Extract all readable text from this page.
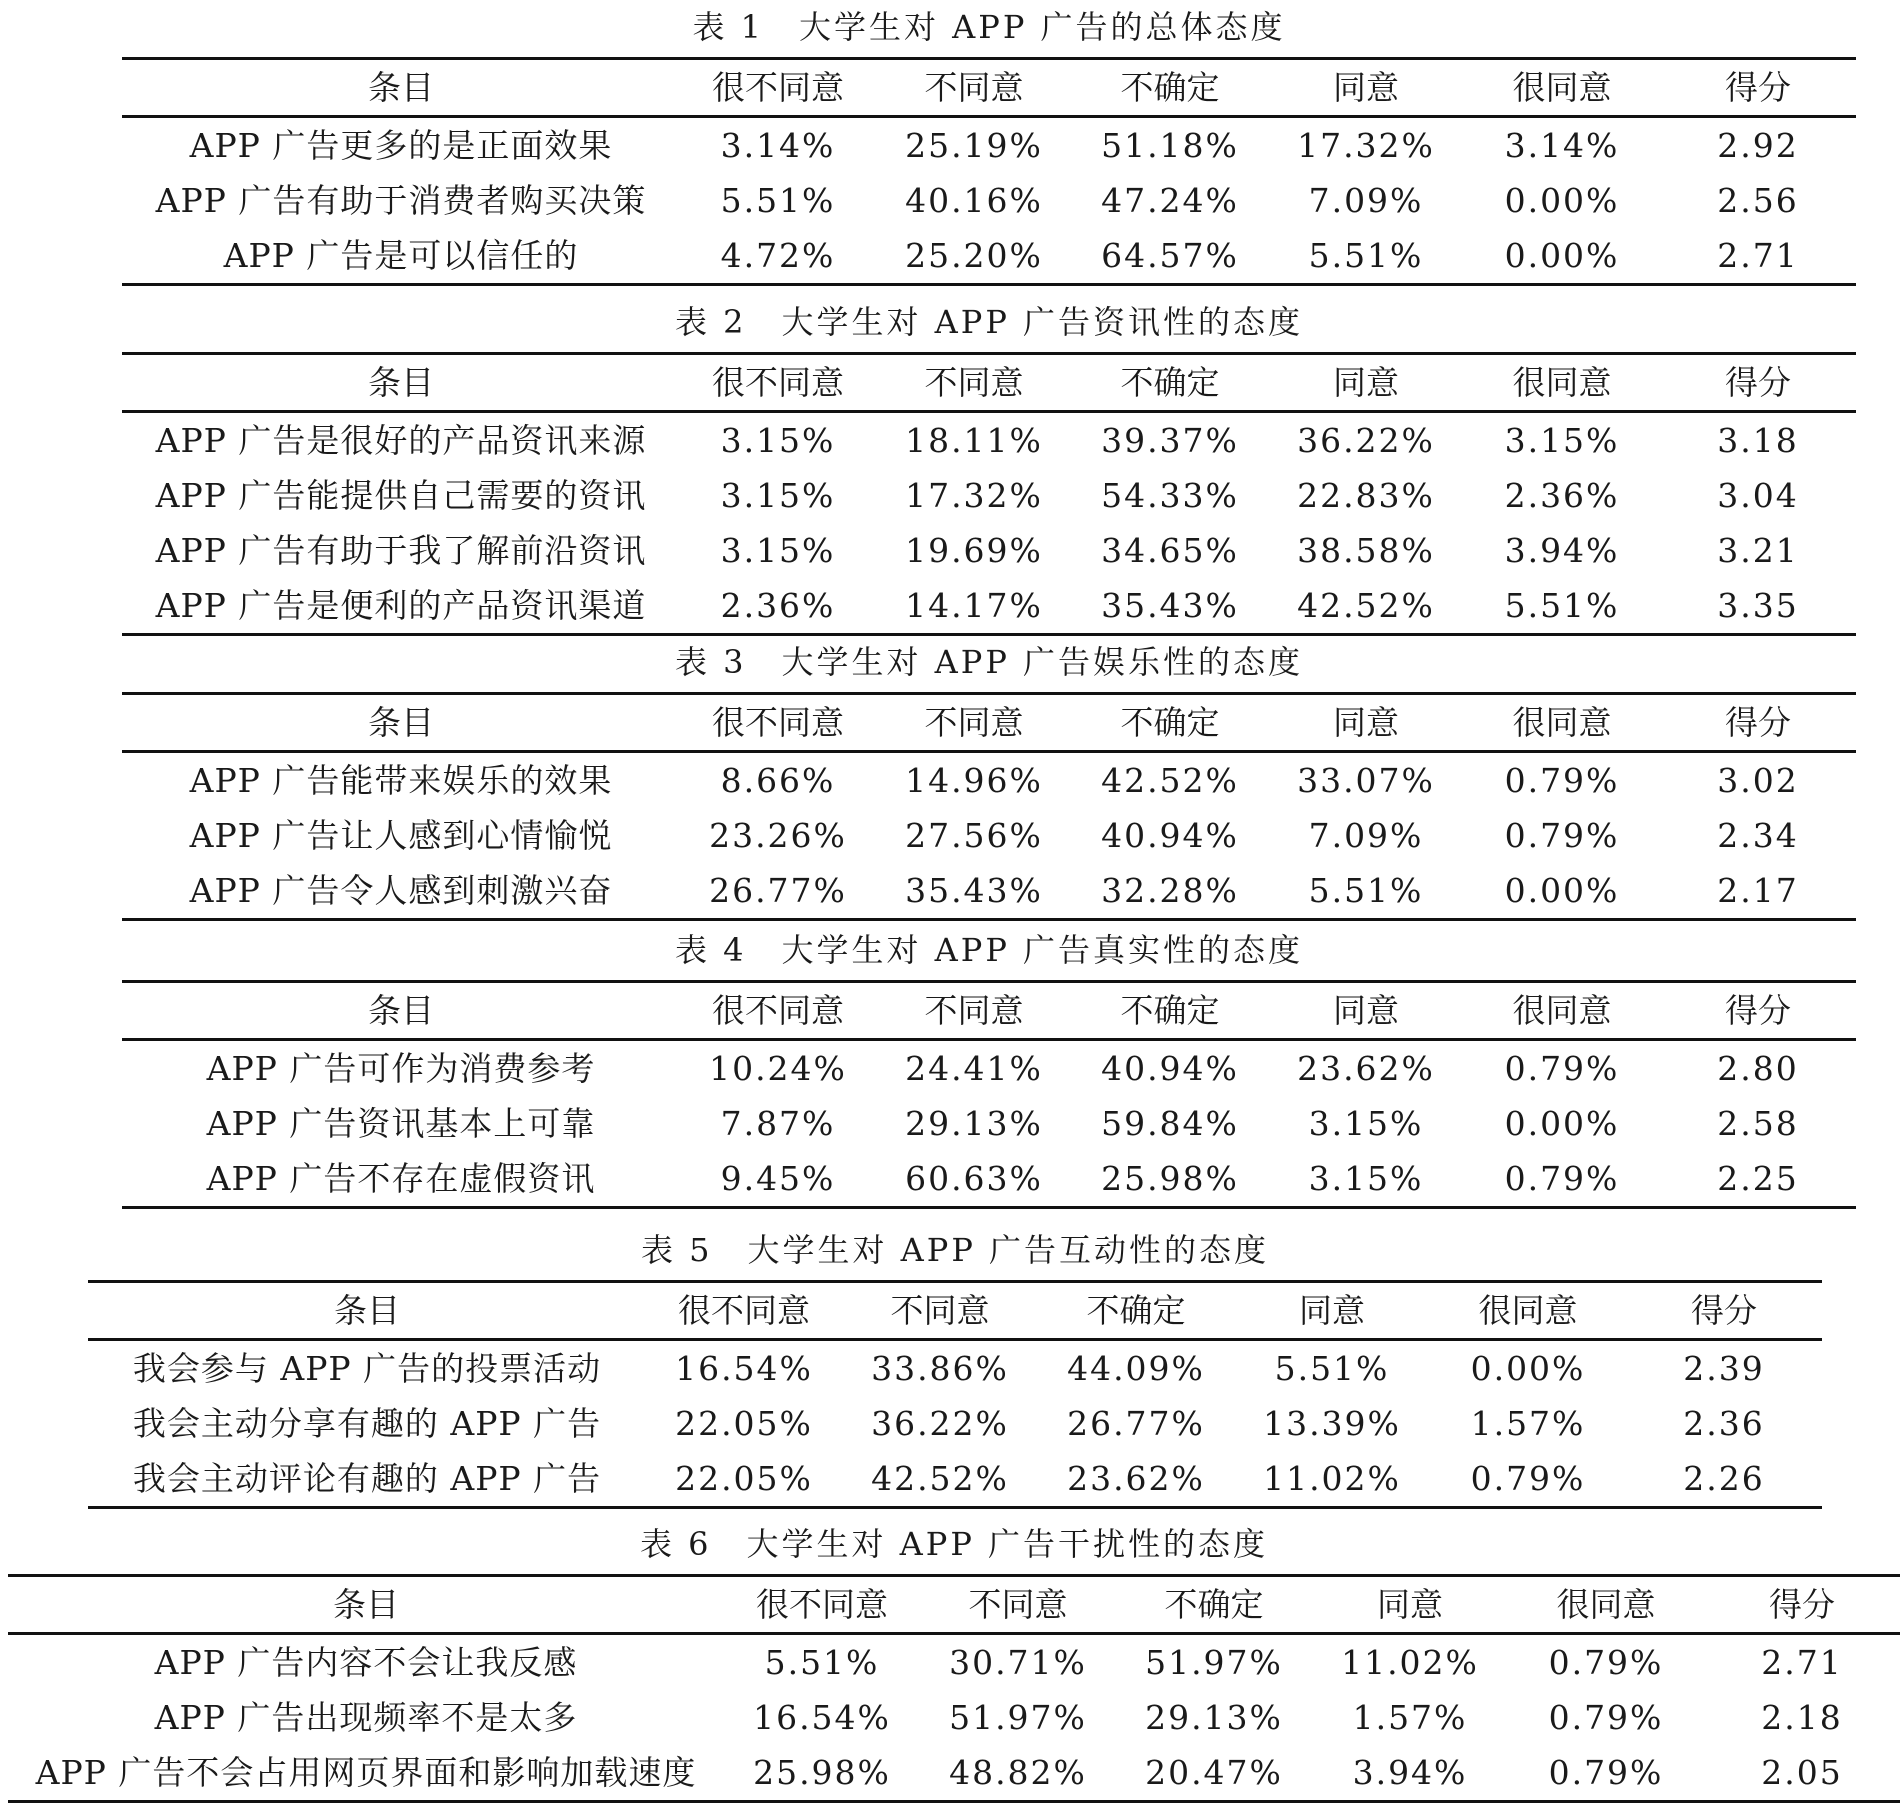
表 1　大学生对 APP 广告的总体态度
条目	很不同意	不同意	不确定	同意	很同意	得分
APP 广告更多的是正面效果	3.14%	25.19%	51.18%	17.32%	3.14%	2.92
APP 广告有助于消费者购买决策	5.51%	40.16%	47.24%	7.09%	0.00%	2.56
APP 广告是可以信任的	4.72%	25.20%	64.57%	5.51%	0.00%	2.71
表 2　大学生对 APP 广告资讯性的态度
条目	很不同意	不同意	不确定	同意	很同意	得分
APP 广告是很好的产品资讯来源	3.15%	18.11%	39.37%	36.22%	3.15%	3.18
APP 广告能提供自己需要的资讯	3.15%	17.32%	54.33%	22.83%	2.36%	3.04
APP 广告有助于我了解前沿资讯	3.15%	19.69%	34.65%	38.58%	3.94%	3.21
APP 广告是便利的产品资讯渠道	2.36%	14.17%	35.43%	42.52%	5.51%	3.35
表 3　大学生对 APP 广告娱乐性的态度
条目	很不同意	不同意	不确定	同意	很同意	得分
APP 广告能带来娱乐的效果	8.66%	14.96%	42.52%	33.07%	0.79%	3.02
APP 广告让人感到心情愉悦	23.26%	27.56%	40.94%	7.09%	0.79%	2.34
APP 广告令人感到刺激兴奋	26.77%	35.43%	32.28%	5.51%	0.00%	2.17
表 4　大学生对 APP 广告真实性的态度
条目	很不同意	不同意	不确定	同意	很同意	得分
APP 广告可作为消费参考	10.24%	24.41%	40.94%	23.62%	0.79%	2.80
APP 广告资讯基本上可靠	7.87%	29.13%	59.84%	3.15%	0.00%	2.58
APP 广告不存在虚假资讯	9.45%	60.63%	25.98%	3.15%	0.79%	2.25
表 5　大学生对 APP 广告互动性的态度
条目	很不同意	不同意	不确定	同意	很同意	得分
我会参与 APP 广告的投票活动	16.54%	33.86%	44.09%	5.51%	0.00%	2.39
我会主动分享有趣的 APP 广告	22.05%	36.22%	26.77%	13.39%	1.57%	2.36
我会主动评论有趣的 APP 广告	22.05%	42.52%	23.62%	11.02%	0.79%	2.26
表 6　大学生对 APP 广告干扰性的态度
条目	很不同意	不同意	不确定	同意	很同意	得分
APP 广告内容不会让我反感	5.51%	30.71%	51.97%	11.02%	0.79%	2.71
APP 广告出现频率不是太多	16.54%	51.97%	29.13%	1.57%	0.79%	2.18
APP 广告不会占用网页界面和影响加载速度	25.98%	48.82%	20.47%	3.94%	0.79%	2.05
